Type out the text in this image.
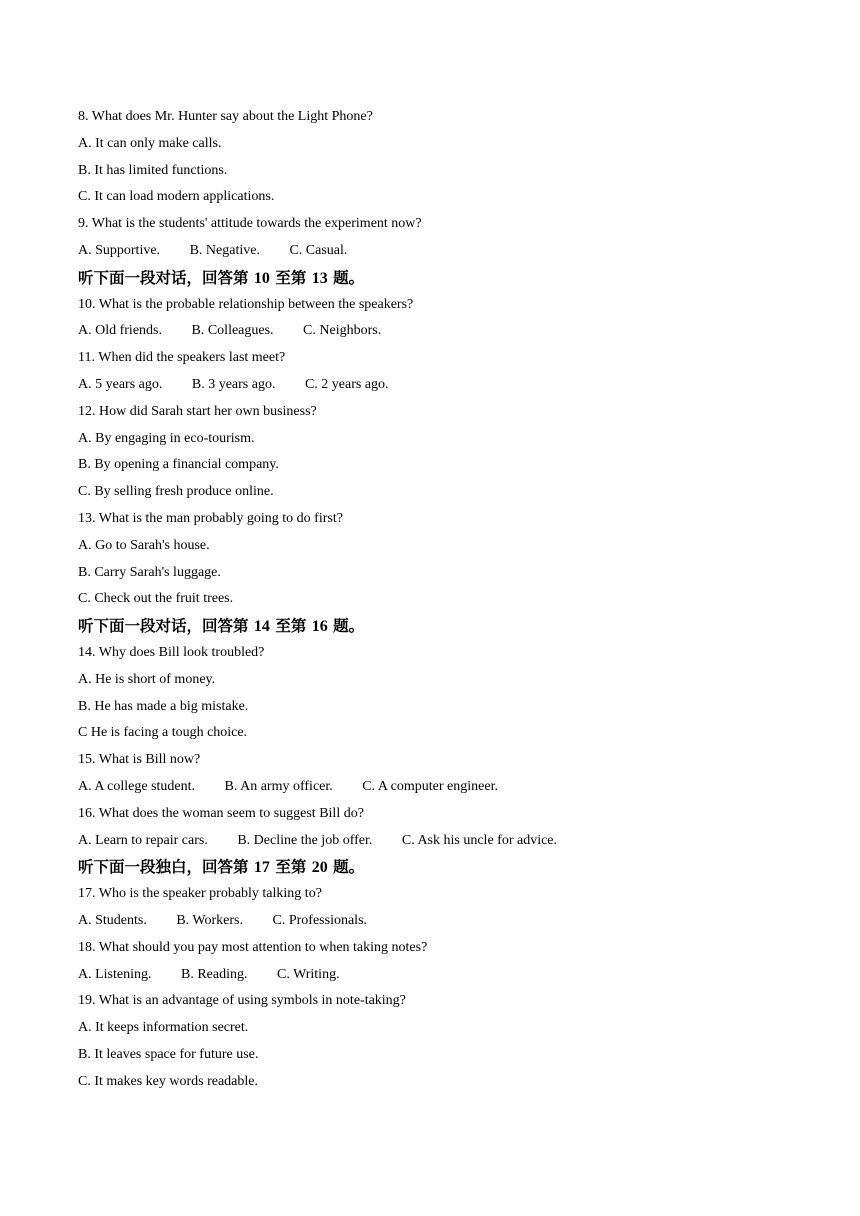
8. What does Mr. Hunter say about the Light Phone?
A. It can only make calls.
B. It has limited functions.
C. It can load modern applications.
9. What is the students' attitude towards the experiment now?
A. Supportive. B. Negative. C. Casual.
听下面一段对话，回答第 10 至第 13 题。
10. What is the probable relationship between the speakers?
A. Old friends. B. Colleagues. C. Neighbors.
11. When did the speakers last meet?
A. 5 years ago. B. 3 years ago. C. 2 years ago.
12. How did Sarah start her own business?
A. By engaging in eco-tourism.
B. By opening a financial company.
C. By selling fresh produce online.
13. What is the man probably going to do first?
A. Go to Sarah's house.
B. Carry Sarah's luggage.
C. Check out the fruit trees.
听下面一段对话，回答第 14 至第 16 题。
14. Why does Bill look troubled?
A. He is short of money.
B. He has made a big mistake.
C He is facing a tough choice.
15. What is Bill now?
A. A college student. B. An army officer. C. A computer engineer.
16. What does the woman seem to suggest Bill do?
A. Learn to repair cars. B. Decline the job offer. C. Ask his uncle for advice.
听下面一段独白，回答第 17 至第 20 题。
17. Who is the speaker probably talking to?
A. Students. B. Workers. C. Professionals.
18. What should you pay most attention to when taking notes?
A. Listening. B. Reading. C. Writing.
19. What is an advantage of using symbols in note-taking?
A. It keeps information secret.
B. It leaves space for future use.
C. It makes key words readable.
